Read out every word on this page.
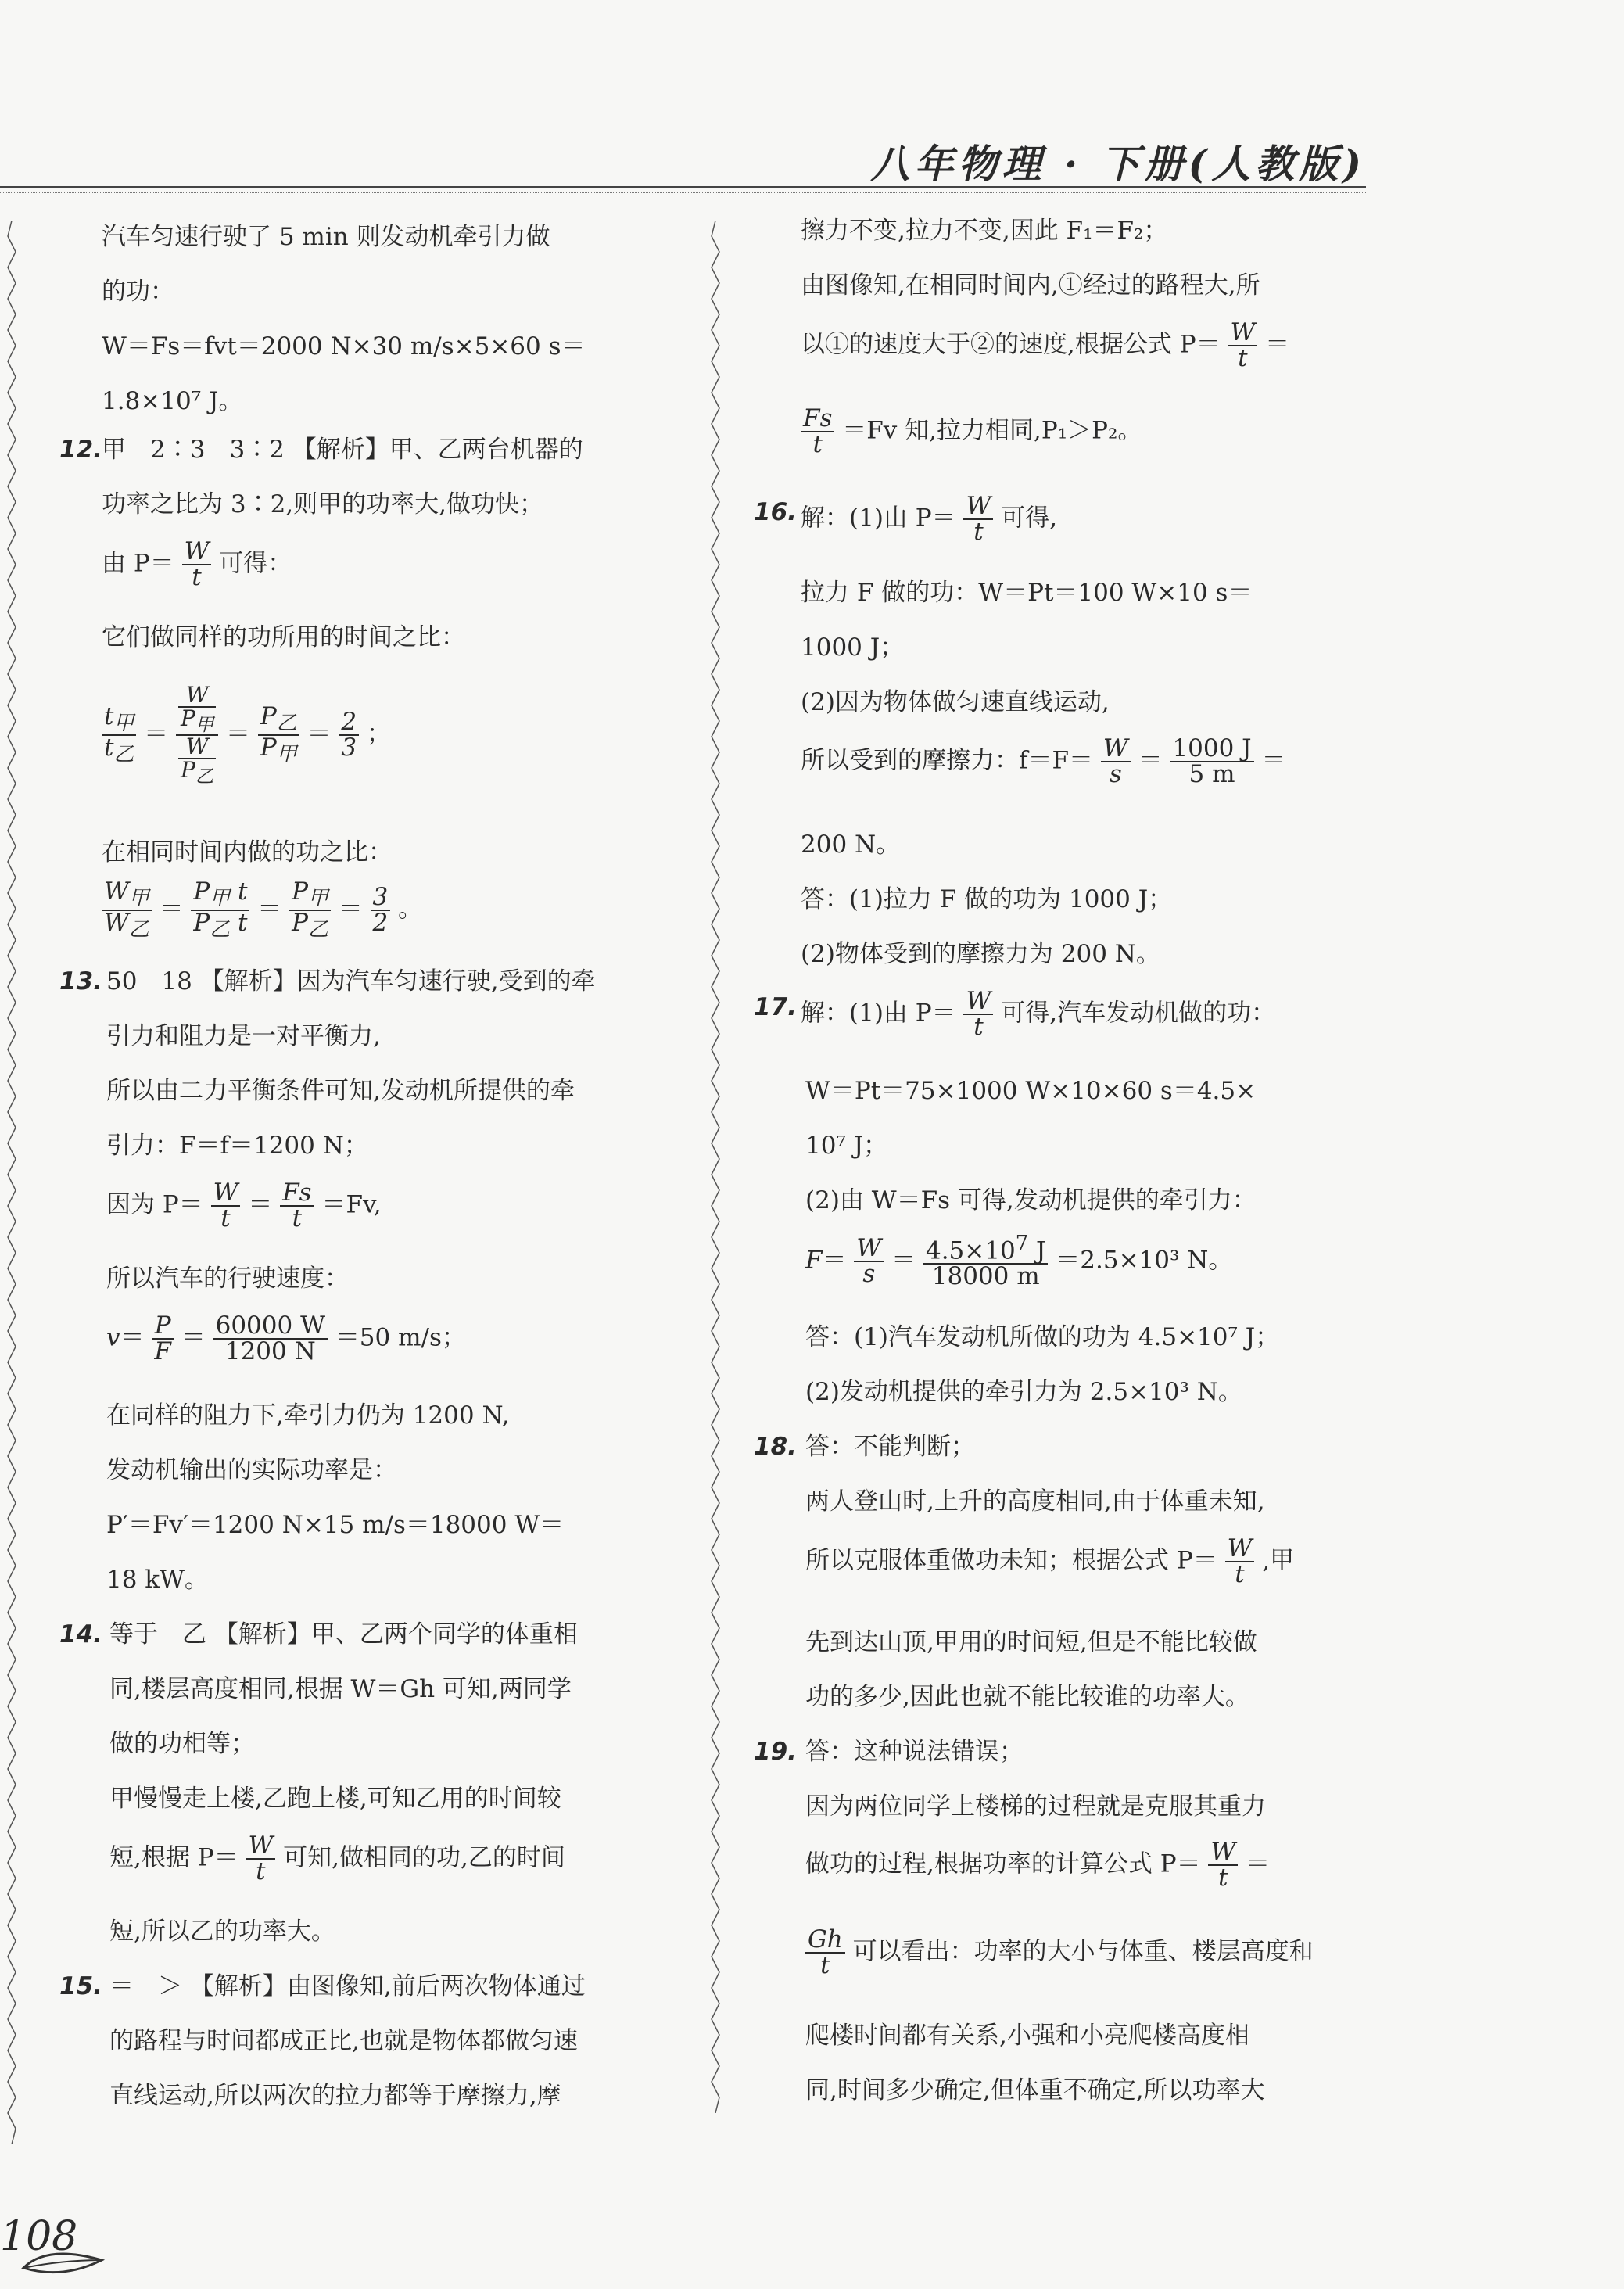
八年物理 · 下册(人教版)
汽车匀速行驶了 5 min 则发动机牵引力做
的功：
W＝Fs＝fvt＝2000 N×30 m/s×5×60 s＝
1.8×10⁷ J。
12. 甲　2∶3　3∶2 【解析】甲、乙两台机器的
功率之比为 3∶2,则甲的功率大,做功快；
由 $P= \frac{W}{t}$ 可得：
它们做同样的功所用的时间之比：
$\frac{t_甲}{t_乙} = \frac{\frac{W}{P_甲}}{\frac{W}{P_乙}} = \frac{P_乙}{P_甲} = \frac{2}{3}$ ；
在相同时间内做的功之比：
$\frac{W_甲}{W_乙} = \frac{P_甲 t}{P_乙 t} = \frac{P_甲}{P_乙} = \frac{3}{2}$ 。
13. 50　18 【解析】因为汽车匀速行驶,受到的牵
引力和阻力是一对平衡力,
所以由二力平衡条件可知,发动机所提供的牵
引力：F＝f＝1200 N；
因为 $P= \frac{W}{t} = \frac{Fs}{t} =Fv$,
所以汽车的行驶速度：
$v= \frac{P}{F} = \frac{60000 W}{1200 N} =50$ m/s；
在同样的阻力下,牵引力仍为 1200 N,
发动机输出的实际功率是：
P′＝Fv′＝1200 N×15 m/s＝18000 W＝
18 kW。
14. 等于　乙 【解析】甲、乙两个同学的体重相
同,楼层高度相同,根据 W＝Gh 可知,两同学
做的功相等；
甲慢慢走上楼,乙跑上楼,可知乙用的时间较
短,根据 $P= \frac{W}{t}$ 可知,做相同的功,乙的时间
短,所以乙的功率大。
15. ＝　＞ 【解析】由图像知,前后两次物体通过
的路程与时间都成正比,也就是物体都做匀速
直线运动,所以两次的拉力都等于摩擦力,摩
擦力不变,拉力不变,因此 F₁＝F₂；
由图像知,在相同时间内,①经过的路程大,所
以①的速度大于②的速度,根据公式 $P= \frac{W}{t}$ ＝
$\frac{Fs}{t} =Fv$ 知,拉力相同,P₁＞P₂。
16. 解：(1)由 $P= \frac{W}{t}$ 可得,
拉力 F 做的功：W＝Pt＝100 W×10 s＝
1000 J；
(2)因为物体做匀速直线运动,
所以受到的摩擦力：$f=F= \frac{W}{s} = \frac{1000 J}{5 m}$ ＝
200 N。
答：(1)拉力 F 做的功为 1000 J；
(2)物体受到的摩擦力为 200 N。
17. 解：(1)由 $P= \frac{W}{t}$ 可得,汽车发动机做的功：
W＝Pt＝75×1000 W×10×60 s＝4.5×
10⁷ J；
(2)由 W＝Fs 可得,发动机提供的牵引力：
$F= \frac{W}{s} = \frac{4.5\times 10^7 J}{18000 m} =2.5\times 10^3$ N。
答：(1)汽车发动机所做的功为 4.5×10⁷ J；
(2)发动机提供的牵引力为 2.5×10³ N。
18. 答：不能判断；
两人登山时,上升的高度相同,由于体重未知,
所以克服体重做功未知；根据公式 $P= \frac{W}{t}$ ,甲
先到达山顶,甲用的时间短,但是不能比较做
功的多少,因此也就不能比较谁的功率大。
19. 答：这种说法错误；
因为两位同学上楼梯的过程就是克服其重力
做功的过程,根据功率的计算公式 $P= \frac{W}{t}$ ＝
$\frac{Gh}{t}$ 可以看出：功率的大小与体重、楼层高度和
爬楼时间都有关系,小强和小亮爬楼高度相
同,时间多少确定,但体重不确定,所以功率大
108
